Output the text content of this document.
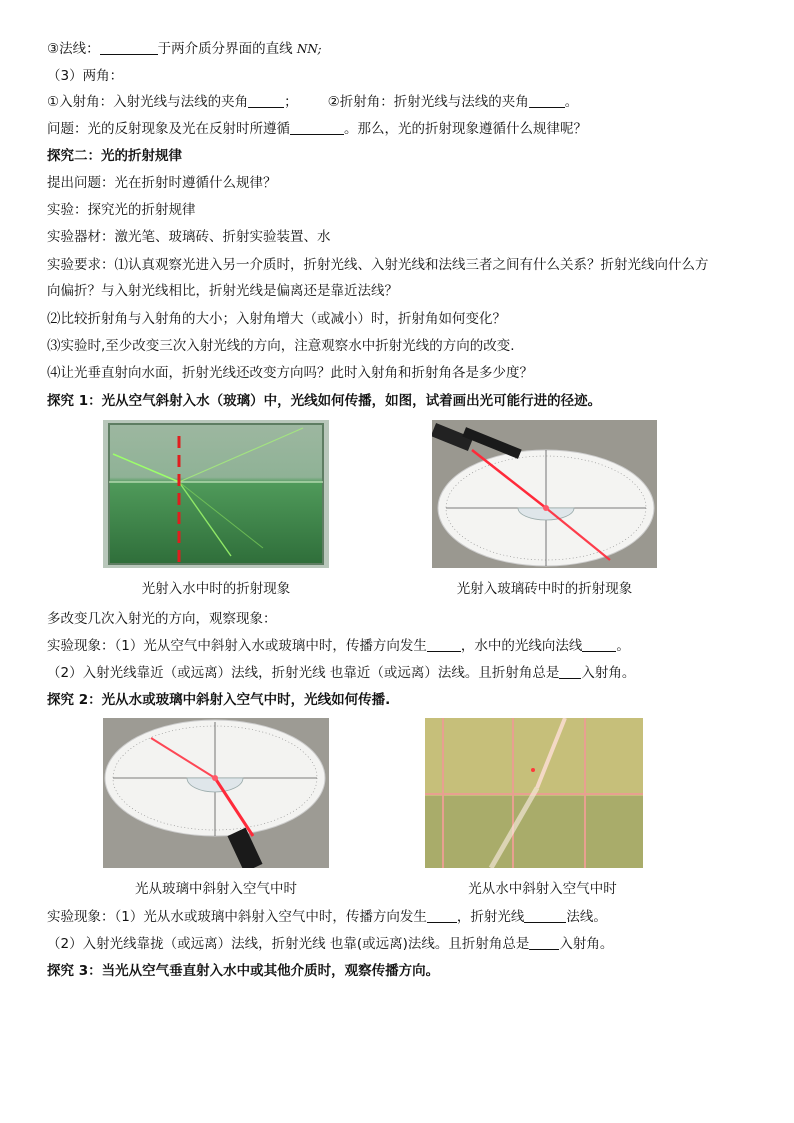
③法线：	于两介质分界面的直线 NN;
（3）两角：
①入射角：入射光线与法线的夹角	； ②折射角：折射光线与法线的夹角	。
问题：光的反射现象及光在反射时所遵循	。那么，光的折射现象遵循什么规律呢？
探究二：光的折射规律
提出问题：光在折射时遵循什么规律？
实验：探究光的折射规律
实验器材：激光笔、玻璃砖、折射实验装置、水
实验要求：⑴认真观察光进入另一介质时，折射光线、入射光线和法线三者之间有什么关系？折射光线向什么方
向偏折？与入射光线相比，折射光线是偏离还是靠近法线？
⑵比较折射角与入射角的大小；入射角增大（或减小）时，折射角如何变化？
⑶实验时,至少改变三次入射光线的方向，注意观察水中折射光线的方向的改变.
⑷让光垂直射向水面，折射光线还改变方向吗？此时入射角和折射角各是多少度？
探究 1：光从空气斜射入水（玻璃）中，光线如何传播，如图，试着画出光可能行进的径迹。
光射入水中时的折射现象	光射入玻璃砖中时的折射现象
多改变几次入射光的方向，观察现象：
实验现象：（1）光从空气中斜射入水或玻璃中时，传播方向发生	，水中的光线向法线	。
（2）入射光线靠近（或远离）法线，折射光线 也靠近（或远离）法线。且折射角总是 入射角。
探究 2：光从水或玻璃中斜射入空气中时，光线如何传播.
光从玻璃中斜射入空气中时	光从水中斜射入空气中时
实验现象：（1）光从水或玻璃中斜射入空气中时，传播方向发生 ，折射光线	法线。
（2）入射光线靠拢（或远离）法线，折射光线 也靠(或远离)法线。且折射角总是 入射角。
探究 3：当光从空气垂直射入水中或其他介质时，观察传播方向。
